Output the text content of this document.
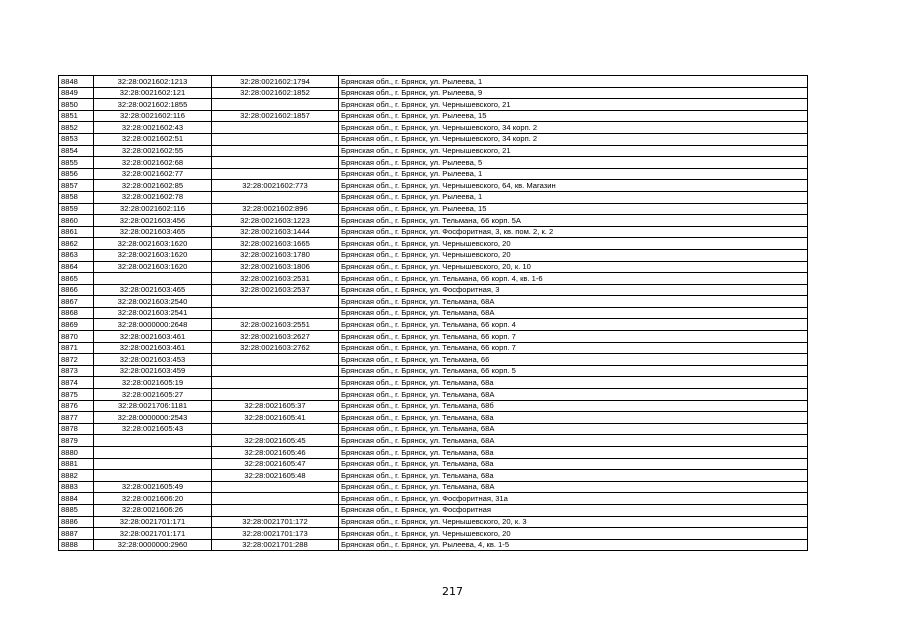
8848	32:28:0021602:1213	32:28:0021602:1794	Брянская обл., г. Брянск, ул. Рылеева, 1
8849	32:28:0021602:121	32:28:0021602:1852	Брянская обл., г. Брянск, ул. Рылеева, 9
8850	32:28:0021602:1855		Брянская обл., г. Брянск, ул. Чернышевского, 21
8851	32:28:0021602:116	32:28:0021602:1857	Брянская обл., г. Брянск, ул. Рылеева, 15
8852	32:28:0021602:43		Брянская обл., г. Брянск, ул. Чернышевского, 34 корп. 2
8853	32:28:0021602:51		Брянская обл., г. Брянск, ул. Чернышевского, 34 корп. 2
8854	32:28:0021602:55		Брянская обл., г. Брянск, ул. Чернышевского, 21
8855	32:28:0021602:68		Брянская обл., г. Брянск, ул. Рылеева, 5
8856	32:28:0021602:77		Брянская обл., г. Брянск, ул. Рылеева, 1
8857	32:28:0021602:85	32:28:0021602:773	Брянская обл., г. Брянск, ул. Чернышевского, 64, кв. Магазин
8858	32:28:0021602:78		Брянская обл., г. Брянск, ул. Рылеева, 1
8859	32:28:0021602:116	32:28:0021602:896	Брянская обл., г. Брянск, ул. Рылеева, 15
8860	32:28:0021603:456	32:28:0021603:1223	Брянская обл., г. Брянск, ул. Тельмана, 66 корп. 5А
8861	32:28:0021603:465	32:28:0021603:1444	Брянская обл., г. Брянск, ул. Фосфоритная, 3, кв. пом. 2, к. 2
8862	32:28:0021603:1620	32:28:0021603:1665	Брянская обл., г. Брянск, ул. Чернышевского, 20
8863	32:28:0021603:1620	32:28:0021603:1780	Брянская обл., г. Брянск, ул. Чернышевского, 20
8864	32:28:0021603:1620	32:28:0021603:1806	Брянская обл., г. Брянск, ул. Чернышевского, 20, к. 10
8865		32:28:0021603:2531	Брянская обл., г. Брянск, ул. Тельмана, 66 корп. 4, кв. 1-6
8866	32:28:0021603:465	32:28:0021603:2537	Брянская обл., г. Брянск, ул. Фосфоритная, 3
8867	32:28:0021603:2540		Брянская обл., г. Брянск, ул. Тельмана, 68А
8868	32:28:0021603:2541		Брянская обл., г. Брянск, ул. Тельмана, 68А
8869	32:28:0000000:2648	32:28:0021603:2551	Брянская обл., г. Брянск, ул. Тельмана, 66 корп. 4
8870	32:28:0021603:461	32:28:0021603:2627	Брянская обл., г. Брянск, ул. Тельмана, 66 корп. 7
8871	32:28:0021603:461	32:28:0021603:2762	Брянская обл., г. Брянск, ул. Тельмана, 66 корп. 7
8872	32:28:0021603:453		Брянская обл., г. Брянск, ул. Тельмана, 66
8873	32:28:0021603:459		Брянская обл., г. Брянск, ул. Тельмана, 66 корп. 5
8874	32:28:0021605:19		Брянская обл., г. Брянск, ул. Тельмана, 68а
8875	32:28:0021605:27		Брянская обл., г. Брянск, ул. Тельмана, 68А
8876	32:28:0021706:1181	32:28:0021605:37	Брянская обл., г. Брянск, ул. Тельмана, 68б
8877	32:28:0000000:2543	32:28:0021605:41	Брянская обл., г. Брянск, ул. Тельмана, 68а
8878	32:28:0021605:43		Брянская обл., г. Брянск, ул. Тельмана, 68А
8879		32:28:0021605:45	Брянская обл., г. Брянск, ул. Тельмана, 68А
8880		32:28:0021605:46	Брянская обл., г. Брянск, ул. Тельмана, 68а
8881		32:28:0021605:47	Брянская обл., г. Брянск, ул. Тельмана, 68а
8882		32:28:0021605:48	Брянская обл., г. Брянск, ул. Тельмана, 68а
8883	32:28:0021605:49		Брянская обл., г. Брянск, ул. Тельмана, 68А
8884	32:28:0021606:20		Брянская обл., г. Брянск, ул. Фосфоритная, 31а
8885	32:28:0021606:26		Брянская обл., г. Брянск, ул. Фосфоритная
8886	32:28:0021701:171	32:28:0021701:172	Брянская обл., г. Брянск, ул. Чернышевского, 20, к. 3
8887	32:28:0021701:171	32:28:0021701:173	Брянская обл., г. Брянск, ул. Чернышевского, 20
8888	32:28:0000000:2960	32:28:0021701:288	Брянская обл., г. Брянск, ул. Рылеева, 4, кв. 1-5
217
